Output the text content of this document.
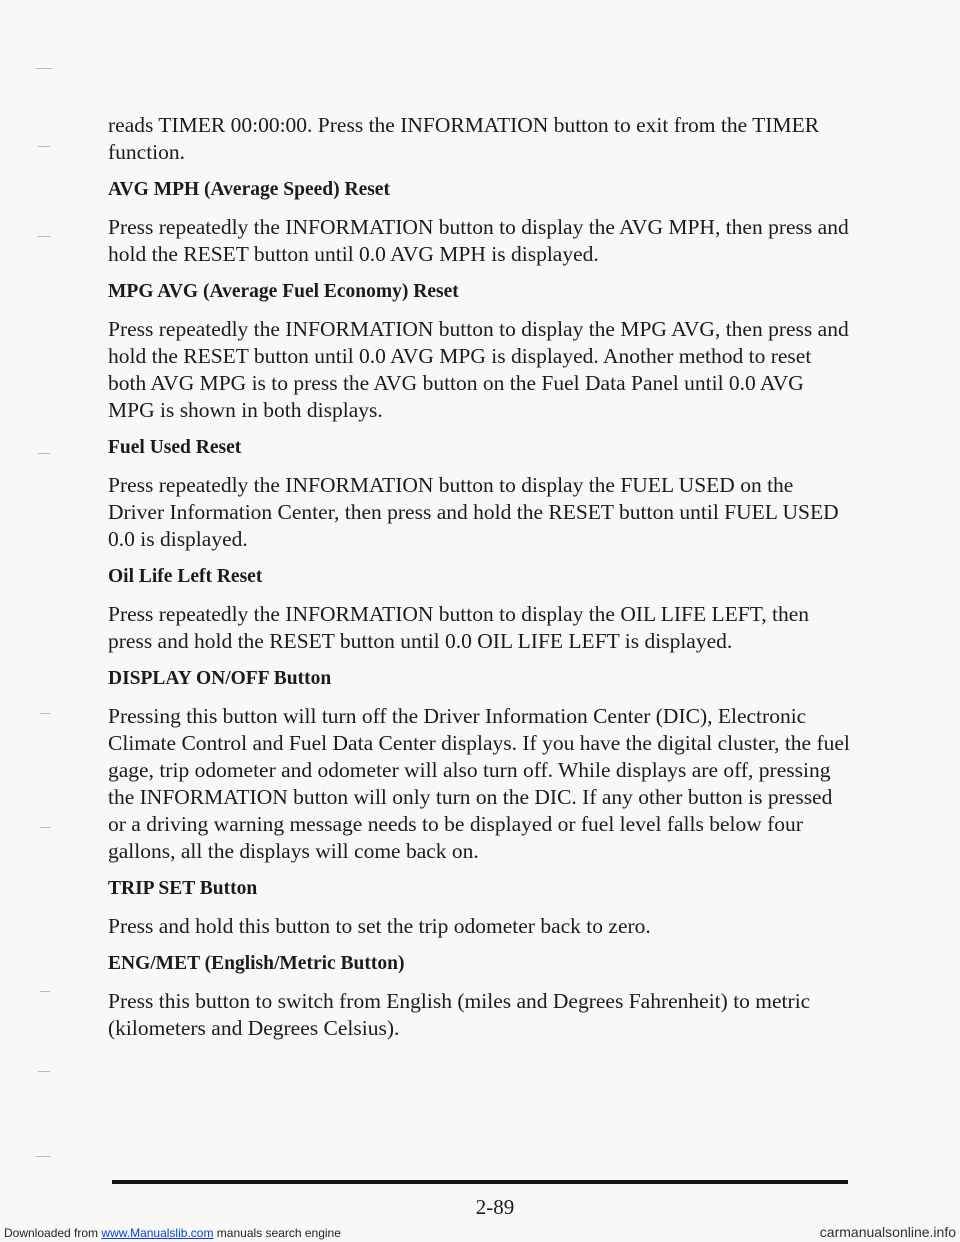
reads TIMER 00:00:00. Press the INFORMATION button to exit from the TIMER function.

AVG MPH (Average Speed) Reset

Press repeatedly the INFORMATION button to display the AVG MPH, then press and hold the RESET button until 0.0 AVG MPH is displayed.

MPG AVG (Average Fuel Economy) Reset

Press repeatedly the INFORMATION button to display the MPG AVG, then press and hold the RESET button until 0.0 AVG MPG is displayed. Another method to reset both AVG MPG is to press the AVG button on the Fuel Data Panel until 0.0 AVG MPG is shown in both displays.

Fuel Used Reset

Press repeatedly the INFORMATION button to display the FUEL USED on the Driver Information Center, then press and hold the RESET button until FUEL USED 0.0 is displayed.

Oil Life Left Reset

Press repeatedly the INFORMATION button to display the OIL LIFE LEFT, then press and hold the RESET button until 0.0 OIL LIFE LEFT is displayed.

DISPLAY ON/OFF Button

Pressing this button will turn off the Driver Information Center (DIC), Electronic Climate Control and Fuel Data Center displays. If you have the digital cluster, the fuel gage, trip odometer and odometer will also turn off. While displays are off, pressing the INFORMATION button will only turn on the DIC. If any other button is pressed or a driving warning message needs to be displayed or fuel level falls below four gallons, all the displays will come back on.

TRIP SET Button

Press and hold this button to set the trip odometer back to zero.

ENG/MET (English/Metric Button)

Press this button to switch from English (miles and Degrees Fahrenheit) to metric (kilometers and Degrees Celsius).

2-89
Downloaded from www.Manualslib.com manuals search engine	carmanualsonline.info
